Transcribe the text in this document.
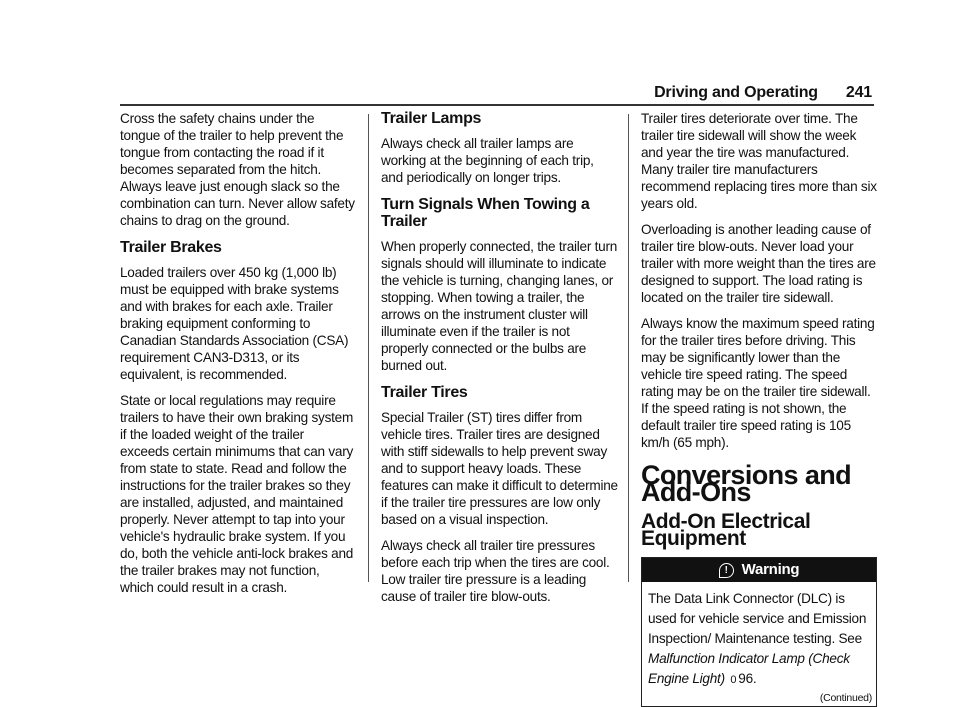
Driving and Operating 241

Cross the safety chains under the tongue of the trailer to help prevent the tongue from contacting the road if it becomes separated from the hitch. Always leave just enough slack so the combination can turn. Never allow safety chains to drag on the ground.

Trailer Brakes

Loaded trailers over 450 kg (1,000 lb) must be equipped with brake systems and with brakes for each axle. Trailer braking equipment conforming to Canadian Standards Association (CSA) requirement CAN3-D313, or its equivalent, is recommended.

State or local regulations may require trailers to have their own braking system if the loaded weight of the trailer exceeds certain minimums that can vary from state to state. Read and follow the instructions for the trailer brakes so they are installed, adjusted, and maintained properly. Never attempt to tap into your vehicle's hydraulic brake system. If you do, both the vehicle anti-lock brakes and the trailer brakes may not function, which could result in a crash.

Trailer Lamps

Always check all trailer lamps are working at the beginning of each trip, and periodically on longer trips.

Turn Signals When Towing a Trailer

When properly connected, the trailer turn signals should will illuminate to indicate the vehicle is turning, changing lanes, or stopping. When towing a trailer, the arrows on the instrument cluster will illuminate even if the trailer is not properly connected or the bulbs are burned out.

Trailer Tires

Special Trailer (ST) tires differ from vehicle tires. Trailer tires are designed with stiff sidewalls to help prevent sway and to support heavy loads. These features can make it difficult to determine if the trailer tire pressures are low only based on a visual inspection.

Always check all trailer tire pressures before each trip when the tires are cool. Low trailer tire pressure is a leading cause of trailer tire blow-outs.

Trailer tires deteriorate over time. The trailer tire sidewall will show the week and year the tire was manufactured. Many trailer tire manufacturers recommend replacing tires more than six years old.

Overloading is another leading cause of trailer tire blow-outs. Never load your trailer with more weight than the tires are designed to support. The load rating is located on the trailer tire sidewall.

Always know the maximum speed rating for the trailer tires before driving. This may be significantly lower than the vehicle tire speed rating. The speed rating may be on the trailer tire sidewall. If the speed rating is not shown, the default trailer tire speed rating is 105 km/h (65 mph).

Conversions and Add-Ons
Add-On Electrical Equipment
! Warning
The Data Link Connector (DLC) is used for vehicle service and Emission Inspection/ Maintenance testing. See Malfunction Indicator Lamp (Check Engine Light) 0 96.
(Continued)
